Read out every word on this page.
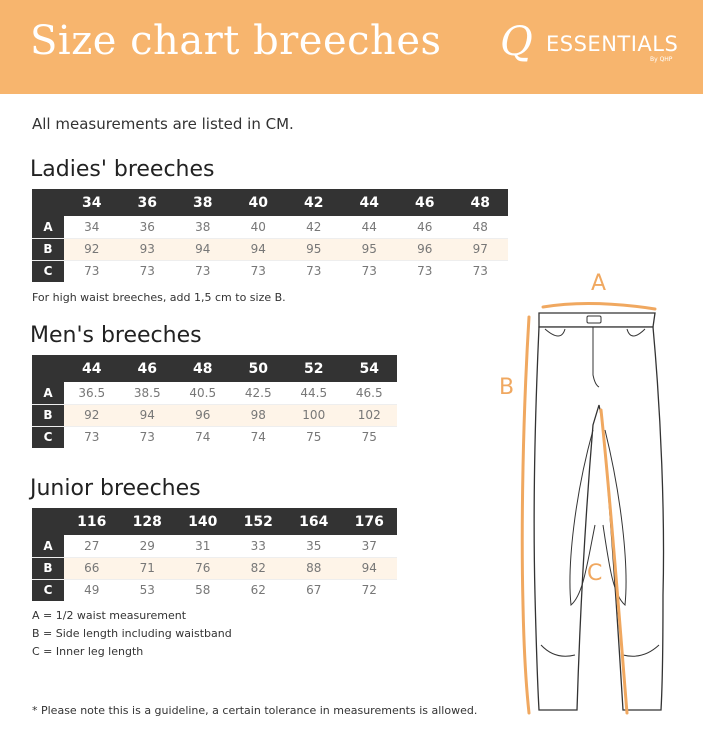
Size chart breeches Q ESSENTIALS
By QHP
All measurements are listed in CM.
Ladies' breeches
	34	36	38	40	42	44	46	48
A	34	36	38	40	42	44	46	48
B	92	93	94	94	95	95	96	97
C	73	73	73	73	73	73	73	73
For high waist breeches, add 1,5 cm to size B.
Men's breeches
	44	46	48	50	52	54
A	36.5	38.5	40.5	42.5	44.5	46.5
B	92	94	96	98	100	102
C	73	73	74	74	75	75
Junior breeches
	116	128	140	152	164	176
A	27	29	31	33	35	37
B	66	71	76	82	88	94
C	49	53	58	62	67	72
A = 1/2 waist measurement
B = Side length including waistband
C = Inner leg length
* Please note this is a guideline, a certain tolerance in measurements is allowed.
A
B
C
